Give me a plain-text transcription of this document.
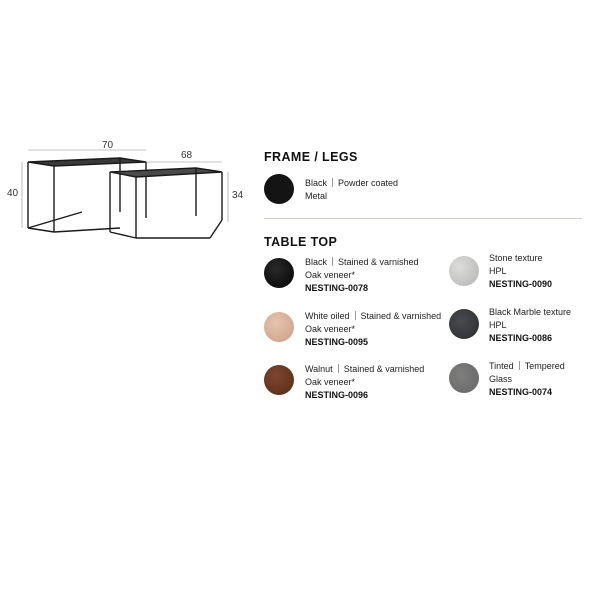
70
68
40	34
FRAME / LEGS
Black Powder coated
Metal
TABLE TOP
Black Stained & varnished
Oak veneer*
NESTING-0078
White oiled Stained & varnished
Oak veneer*
NESTING-0095
Walnut Stained & varnished
Oak veneer*
NESTING-0096
Stone texture
HPL
NESTING-0090
Black Marble texture
HPL
NESTING-0086
Tinted Tempered
Glass
NESTING-0074
